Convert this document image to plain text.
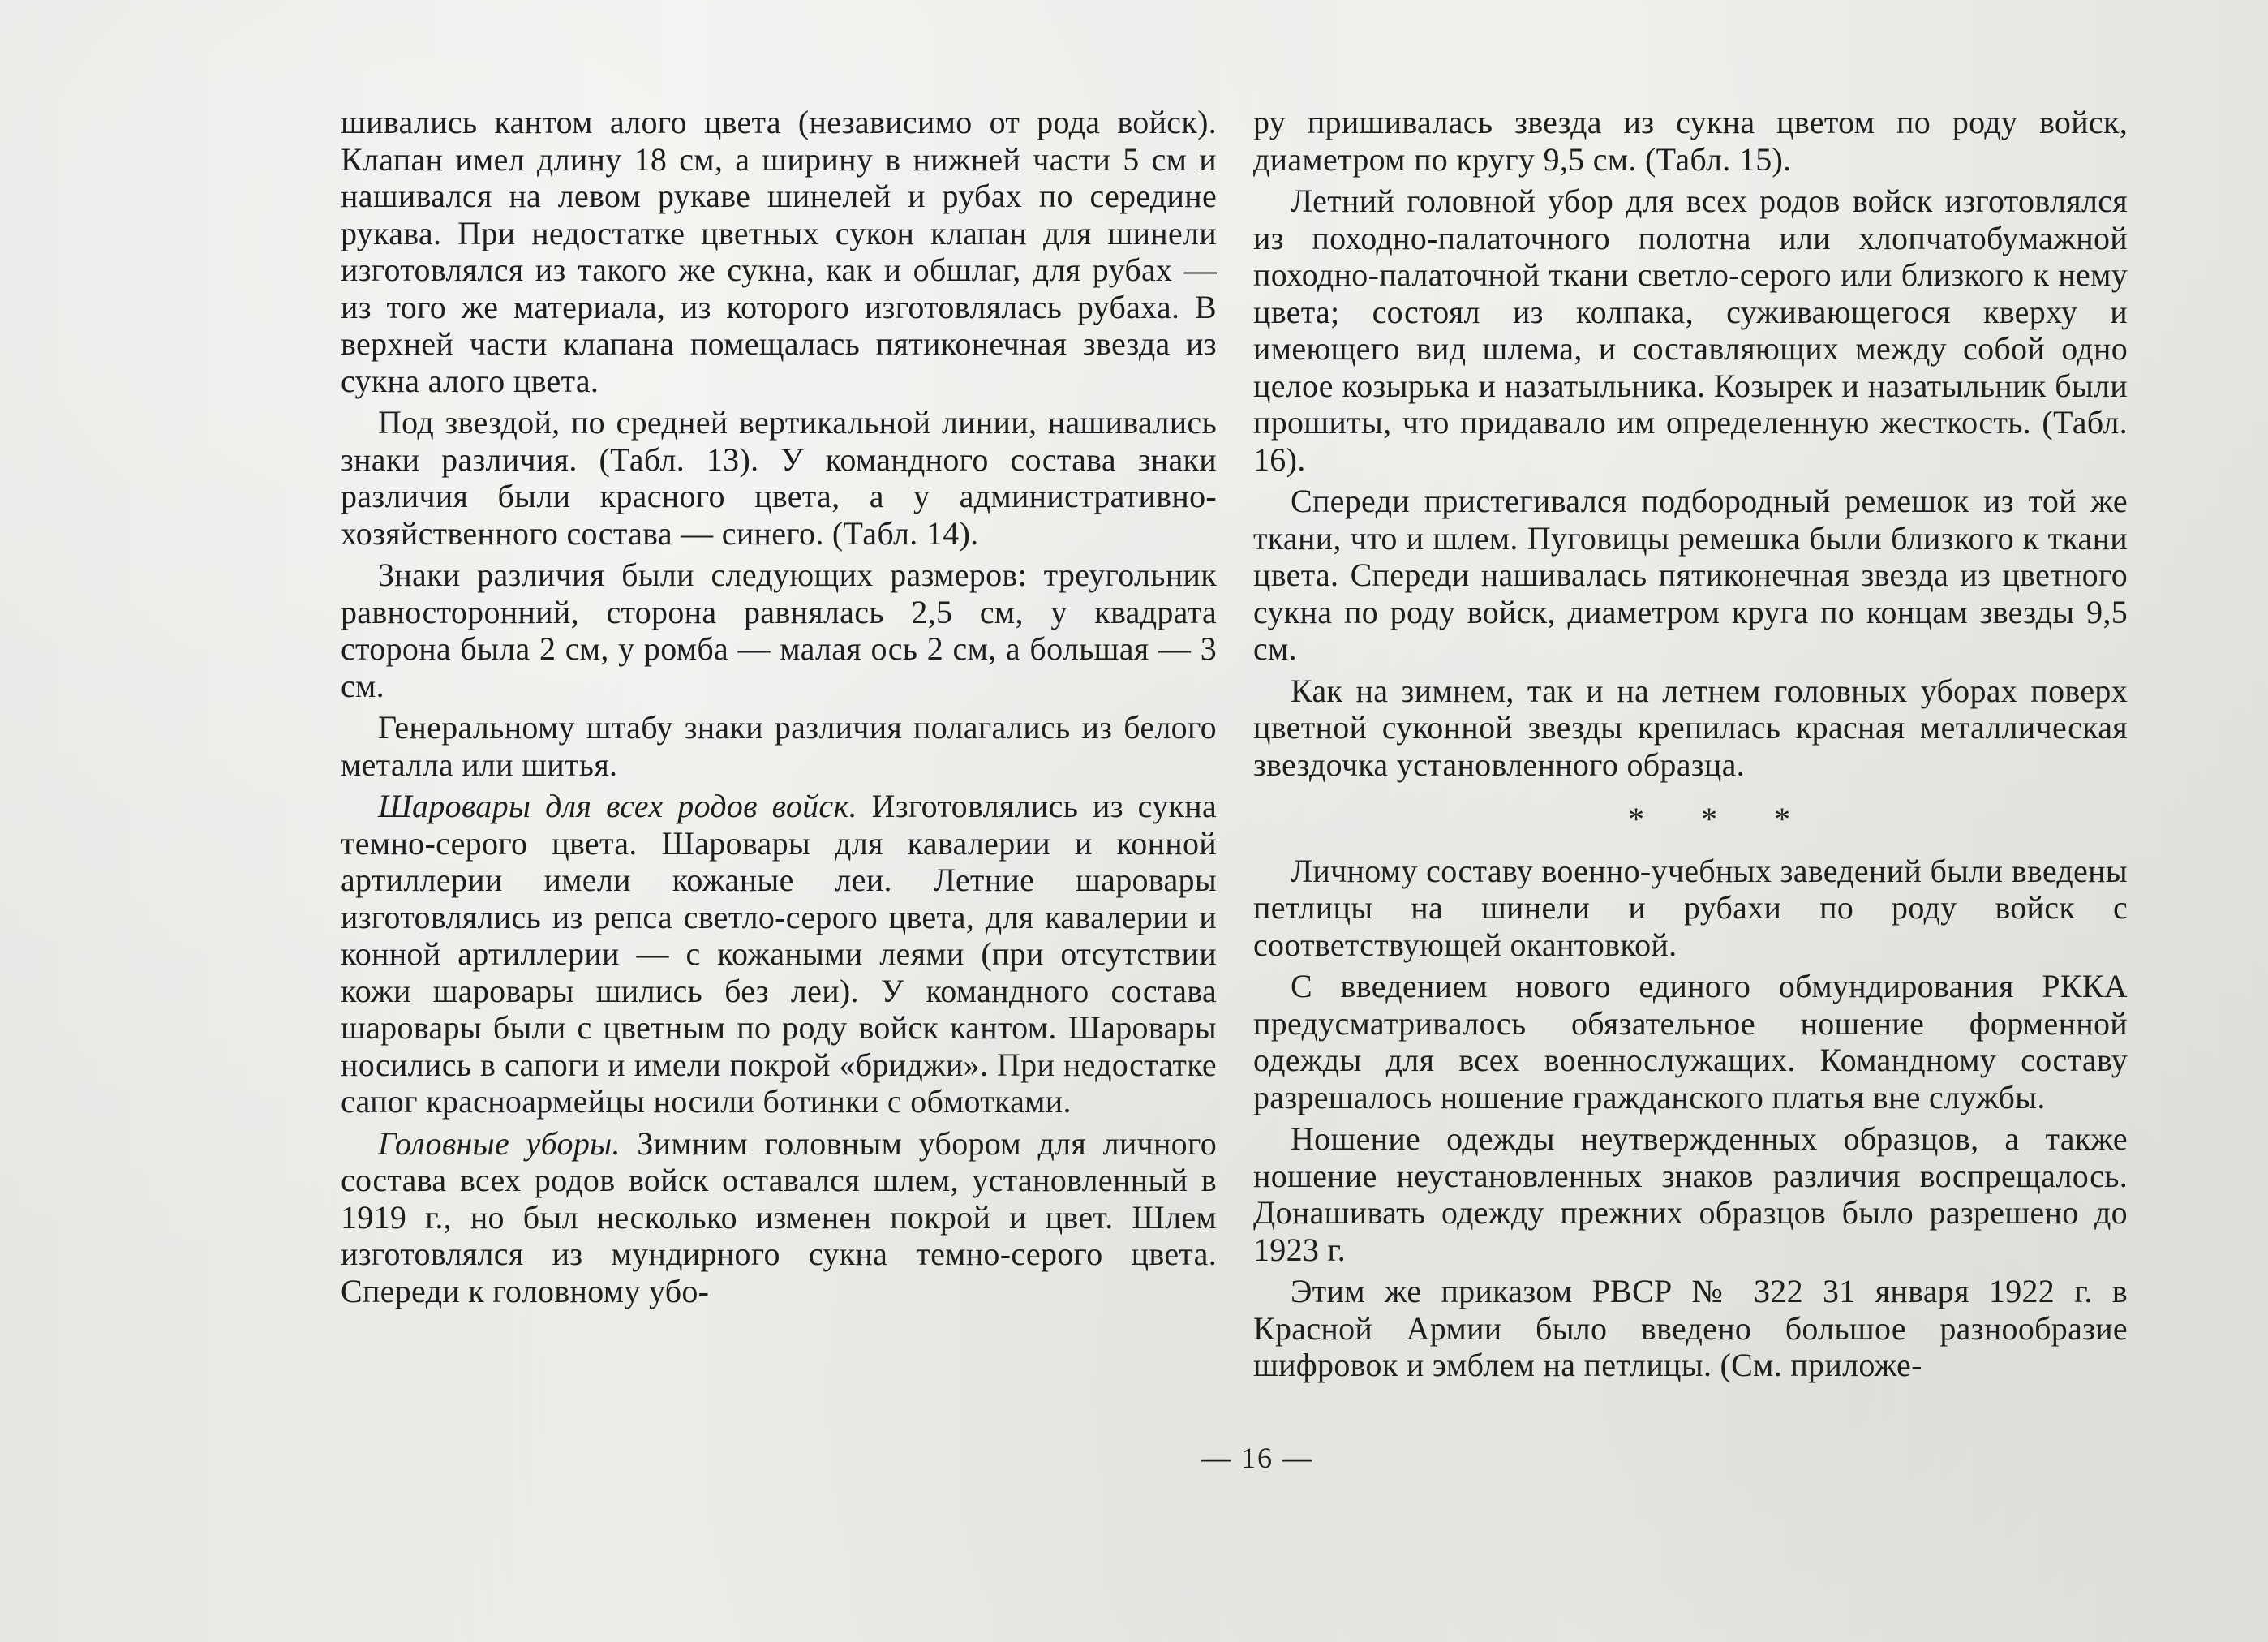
шивались кантом алого цвета (независимо от рода войск). Клапан имел длину 18 см, а ширину в нижней части 5 см и нашивался на левом рукаве шинелей и рубах по середине рукава. При недостатке цветных сукон клапан для шинели изготовлялся из такого же сукна, как и обшлаг, для рубах — из того же материала, из которого изготовлялась рубаха. В верхней части клапана помещалась пятиконечная звезда из сукна алого цвета.

Под звездой, по средней вертикальной линии, нашивались знаки различия. (Табл. 13). У командного состава знаки различия были красного цвета, а у административно-хозяйственного состава — синего. (Табл. 14).

Знаки различия были следующих размеров: треугольник равносторонний, сторона равнялась 2,5 см, у квадрата сторона была 2 см, у ромба — малая ось 2 см, а большая — 3 см.

Генеральному штабу знаки различия полагались из белого металла или шитья.

Шаровары для всех родов войск. Изготовлялись из сукна темно-серого цвета. Шаровары для кавалерии и конной артиллерии имели кожаные леи. Летние шаровары изготовлялись из репса светло-серого цвета, для кавалерии и конной артиллерии — с кожаными леями (при отсутствии кожи шаровары шились без леи). У командного состава шаровары были с цветным по роду войск кантом. Шаровары носились в сапоги и имели покрой «бриджи». При недостатке сапог красноармейцы носили ботинки с обмотками.

Головные уборы. Зимним головным убором для личного состава всех родов войск оставался шлем, установленный в 1919 г., но был несколько изменен покрой и цвет. Шлем изготовлялся из мундирного сукна темно-серого цвета. Спереди к головному убо-

ру пришивалась звезда из сукна цветом по роду войск, диаметром по кругу 9,5 см. (Табл. 15).

Летний головной убор для всех родов войск изготовлялся из походно-палаточного полотна или хлопчатобумажной походно-палаточной ткани светло-серого или близкого к нему цвета; состоял из колпака, суживающегося кверху и имеющего вид шлема, и составляющих между собой одно целое козырька и назатыльника. Козырек и назатыльник были прошиты, что придавало им определенную жесткость. (Табл. 16).

Спереди пристегивался подбородный ремешок из той же ткани, что и шлем. Пуговицы ремешка были близкого к ткани цвета. Спереди нашивалась пятиконечная звезда из цветного сукна по роду войск, диаметром круга по концам звезды 9,5 см.

Как на зимнем, так и на летнем головных уборах поверх цветной суконной звезды крепилась красная металлическая звездочка установленного образца.

* * *

Личному составу военно-учебных заведений были введены петлицы на шинели и рубахи по роду войск с соответствующей окантовкой.

С введением нового единого обмундирования РККА предусматривалось обязательное ношение форменной одежды для всех военнослужащих. Командному составу разрешалось ношение гражданского платья вне службы.

Ношение одежды неутвержденных образцов, а также ношение неустановленных знаков различия воспрещалось. Донашивать одежду прежних образцов было разрешено до 1923 г.

Этим же приказом РВСР № 322 31 января 1922 г. в Красной Армии было введено большое разнообразие шифровок и эмблем на петлицы. (См. приложе-

— 16 —
